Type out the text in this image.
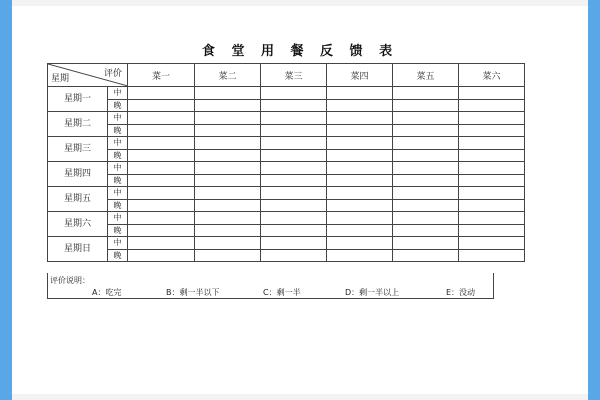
食 堂 用 餐 反 馈 表
评价
星期		菜一	菜二	菜三	菜四	菜五	菜六
星期一	中						
	晚						
星期二	中						
	晚						
星期三	中						
	晚						
星期四	中						
	晚						
星期五	中						
	晚						
星期六	中						
	晚						
星期日	中						
	晚						
评价说明：
A：吃完	B：剩一半以下	C：剩一半	D：剩一半以上	E：没动
